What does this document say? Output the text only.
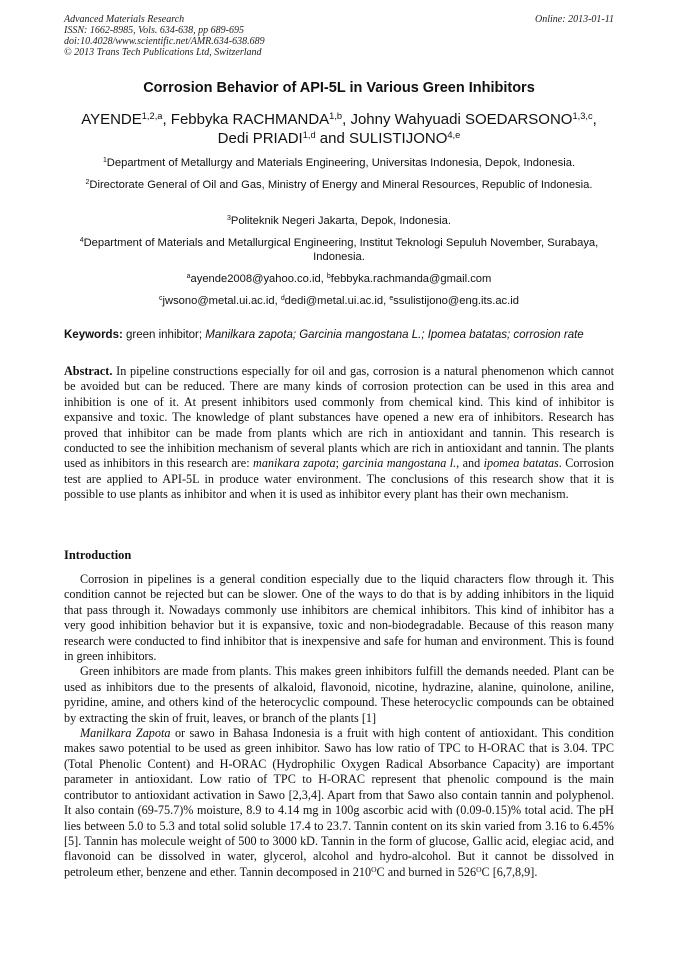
Advanced Materials Research
ISSN: 1662-8985, Vols. 634-638, pp 689-695
doi:10.4028/www.scientific.net/AMR.634-638.689
© 2013 Trans Tech Publications Ltd, Switzerland
Online: 2013-01-11
Corrosion Behavior of API-5L in Various Green Inhibitors
AYENDE$^{1,2,a}$, Febbyka RACHMANDA$^{1,b}$, Johny Wahyuadi SOEDARSONO$^{1,3,c}$,
Dedi PRIADI$^{1,d}$ and SULISTIJONO$^{4,e}$
$^1$Department of Metallurgy and Materials Engineering, Universitas Indonesia, Depok, Indonesia.
$^2$Directorate General of Oil and Gas, Ministry of Energy and Mineral Resources, Republic of Indonesia.
$^3$Politeknik Negeri Jakarta, Depok, Indonesia.
$^4$Department of Materials and Metallurgical Engineering, Institut Teknologi Sepuluh November, Surabaya, Indonesia.
$^a$ayende2008@yahoo.co.id, $^b$febbyka.rachmanda@gmail.com
$^c$jwsono@metal.ui.ac.id, $^d$dedi@metal.ui.ac.id, $^e$ssulistijono@eng.its.ac.id
Keywords: green inhibitor; Manilkara zapota; Garcinia mangostana L.; Ipomea batatas; corrosion rate
Abstract. In pipeline constructions especially for oil and gas, corrosion is a natural phenomenon which cannot be avoided but can be reduced. There are many kinds of corrosion protection can be used in this area and inhibition is one of it. At present inhibitors used commonly from chemical kind. This kind of inhibitor is expansive and toxic. The knowledge of plant substances have opened a new era of inhibitors. Research has proved that inhibitor can be made from plants which are rich in antioxidant and tannin. This research is conducted to see the inhibition mechanism of several plants which are rich in antioxidant and tannin. The plants used as inhibitors in this research are: manikara zapota; garcinia mangostana l., and ipomea batatas. Corrosion test are applied to API-5L in produce water environment. The conclusions of this research show that it is possible to use plants as inhibitor and when it is used as inhibitor every plant has their own mechanism.
Introduction

Corrosion in pipelines is a general condition especially due to the liquid characters flow through it. This condition cannot be rejected but can be slower. One of the ways to do that is by adding inhibitors in the liquid that pass through it. Nowadays commonly use inhibitors are chemical inhibitors. This kind of inhibitor has a very good inhibition behavior but it is expansive, toxic and non-biodegradable. Because of this reason many research were conducted to find inhibitor that is inexpensive and safe for human and environment. This is found in green inhibitors.

Green inhibitors are made from plants. This makes green inhibitors fulfill the demands needed. Plant can be used as inhibitors due to the presents of alkaloid, flavonoid, nicotine, hydrazine, alanine, quinolone, aniline, pyridine, amine, and others kind of the heterocyclic compound. These heterocyclic compounds can be obtained by extracting the skin of fruit, leaves, or branch of the plants [1]

Manilkara Zapota or sawo in Bahasa Indonesia is a fruit with high content of antioxidant. This condition makes sawo potential to be used as green inhibitor. Sawo has low ratio of TPC to H-ORAC that is 3.04. TPC (Total Phenolic Content) and H-ORAC (Hydrophilic Oxygen Radical Absorbance Capacity) are important parameter in antioxidant. Low ratio of TPC to H-ORAC represent that phenolic compound is the main contributor to antioxidant activation in Sawo [2,3,4]. Apart from that Sawo also contain tannin and polyphenol. It also contain (69-75.7)% moisture, 8.9 to 4.14 mg in 100g ascorbic acid with (0.09-0.15)% total acid. The pH lies between 5.0 to 5.3 and total solid soluble 17.4 to 23.7. Tannin content on its skin varied from 3.16 to 6.45% [5]. Tannin has molecule weight of 500 to 3000 kD. Tannin in the form of glucose, Gallic acid, elegiac acid, and flavonoid can be dissolved in water, glycerol, alcohol and hydro-alcohol. But it cannot be dissolved in petroleum ether, benzene and ether. Tannin decomposed in $210^OC$ and burned in $526^OC$ [6,7,8,9].
